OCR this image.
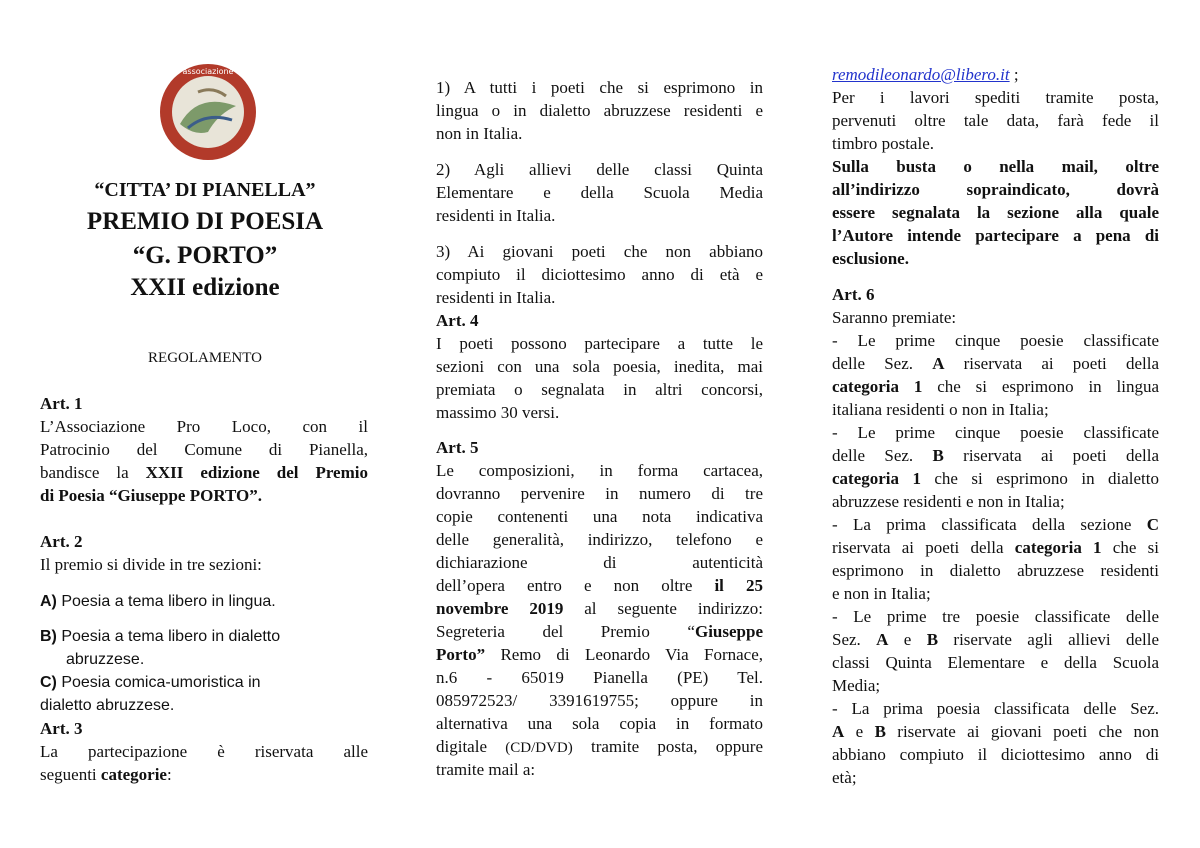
associazione

“CITTA’ DI PIANELLA”

PREMIO DI POESIA

“G. PORTO”

XXII edizione

REGOLAMENTO

Art. 1

L’Associazione Pro Loco, con il

Patrocinio del Comune di Pianella,

bandisce la XXII edizione del Premio

di Poesia “Giuseppe PORTO”.

Art. 2

Il premio si divide in tre sezioni:

A) Poesia a tema libero in lingua.

B) Poesia a tema libero in dialetto

abruzzese.

C) Poesia comica-umoristica in

dialetto abruzzese.

Art. 3

La partecipazione è riservata alle

seguenti categorie:

1) A tutti i poeti che si esprimono in

lingua o in dialetto abruzzese residenti e

non in Italia.

2) Agli allievi delle classi Quinta

Elementare e della Scuola Media

residenti in Italia.

3) Ai giovani poeti che non abbiano

compiuto il diciottesimo anno di età e

residenti in Italia.

Art. 4

I poeti possono partecipare a tutte le

sezioni con una sola poesia, inedita, mai

premiata o segnalata in altri concorsi,

massimo 30 versi.

Art. 5

Le composizioni, in forma cartacea,

dovranno pervenire in numero di tre

copie contenenti una nota indicativa

delle generalità, indirizzo, telefono e

dichiarazione di autenticità

dell’opera entro e non oltre il 25

novembre 2019 al seguente indirizzo:

Segreteria del Premio “Giuseppe

Porto” Remo di Leonardo Via Fornace,

n.6 - 65019 Pianella (PE) Tel.

085972523/ 3391619755; oppure in

alternativa una sola copia in formato

digitale (CD/DVD) tramite posta, oppure

tramite mail a:

remodileonardo@libero.it ;

Per i lavori spediti tramite posta,

pervenuti oltre tale data, farà fede il

timbro postale.

Sulla busta o nella mail, oltre

all’indirizzo sopraindicato, dovrà

essere segnalata la sezione alla quale

l’Autore intende partecipare a pena di

esclusione.

Art. 6

Saranno premiate:

- Le prime cinque poesie classificate

delle Sez. A riservata ai poeti della

categoria 1 che si esprimono in lingua

italiana residenti o non in Italia;

- Le prime cinque poesie classificate

delle Sez. B riservata ai poeti della

categoria 1 che si esprimono in dialetto

abruzzese residenti e non in Italia;

- La prima classificata della sezione C

riservata ai poeti della categoria 1 che si

esprimono in dialetto abruzzese residenti

e non in Italia;

- Le prime tre poesie classificate delle

Sez. A e B riservate agli allievi delle

classi Quinta Elementare e della Scuola

Media;

- La prima poesia classificata delle Sez.

A e B riservate ai giovani poeti che non

abbiano compiuto il diciottesimo anno di

età;
